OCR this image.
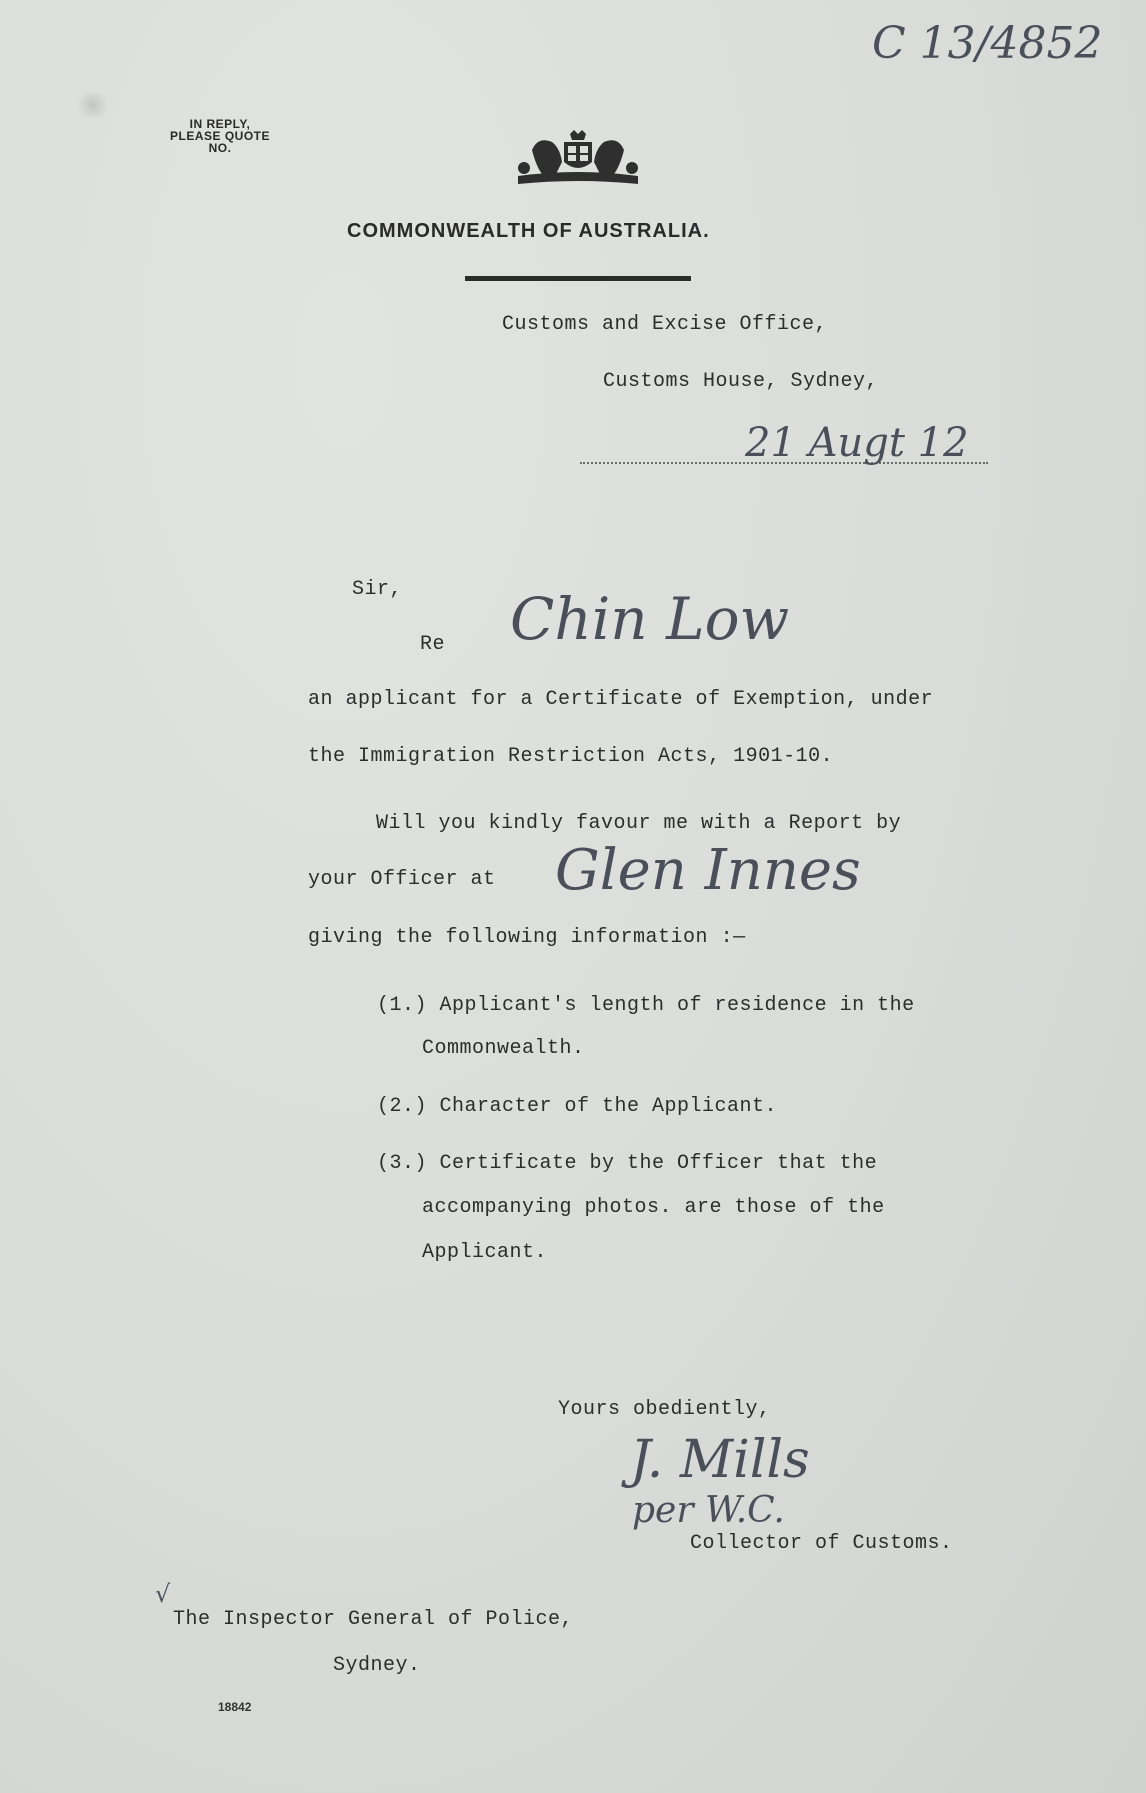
C 13/4852
IN REPLY,
PLEASE QUOTE
NO.
COMMONWEALTH OF AUSTRALIA.
Customs and Excise Office,
Customs House, Sydney,
21 Augt 12
Sir,
Re Chin Low
an applicant for a Certificate of Exemption, under
the Immigration Restriction Acts, 1901-10.
Will you kindly favour me with a Report by
your Officer at Glen Innes
giving the following information :—
(1.) Applicant's length of residence in the
Commonwealth.
(2.) Character of the Applicant.
(3.) Certificate by the Officer that the
accompanying photos. are those of the
Applicant.
Yours obediently,
J. Mills
per W.C.
Collector of Customs.
√
The Inspector General of Police,
Sydney.
18842
